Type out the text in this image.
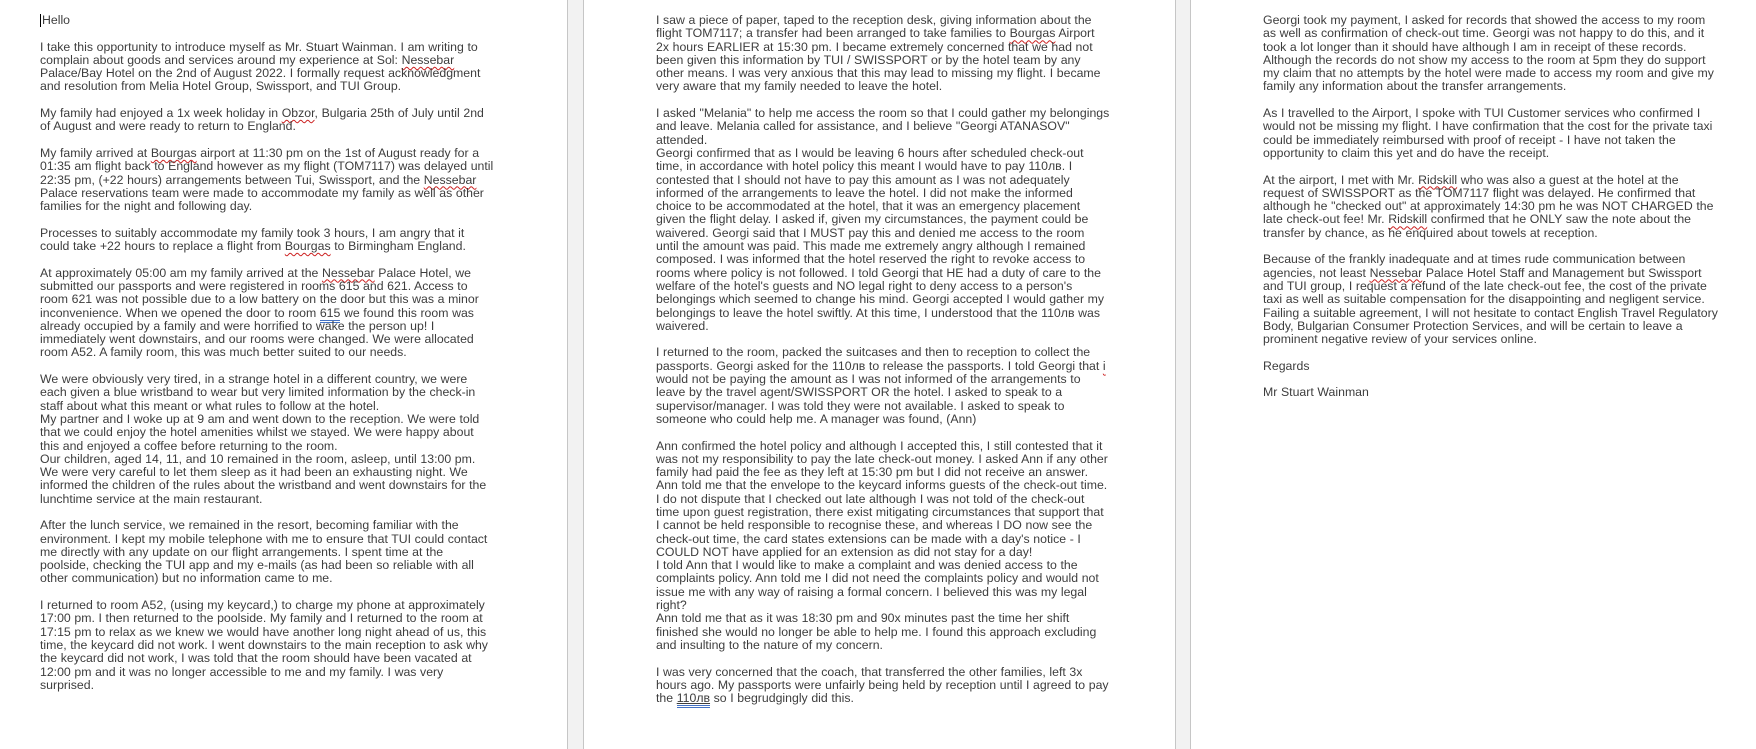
Hello

I take this opportunity to introduce myself as Mr. Stuart Wainman. I am writing to complain about goods and services around my experience at Sol: Nessebar Palace/Bay Hotel on the 2nd of August 2022. I formally request acknowledgment and resolution from Melia Hotel Group, Swissport, and TUI Group.

My family had enjoyed a 1x week holiday in Obzor, Bulgaria 25th of July until 2nd of August and were ready to return to England.

My family arrived at Bourgas airport at 11:30 pm on the 1st of August ready for a 01:35 am flight back to England however as my flight (TOM7117) was delayed until 22:35 pm, (+22 hours) arrangements between Tui, Swissport, and the Nessebar Palace reservations team were made to accommodate my family as well as other families for the night and following day.

Processes to suitably accommodate my family took 3 hours, I am angry that it could take +22 hours to replace a flight from Bourgas to Birmingham England.

At approximately 05:00 am my family arrived at the Nessebar Palace Hotel, we submitted our passports and were registered in rooms 615 and 621. Access to room 621 was not possible due to a low battery on the door but this was a minor inconvenience. When we opened the door to room 615 we found this room was already occupied by a family and were horrified to wake the person up! I immediately went downstairs, and our rooms were changed. We were allocated room A52. A family room, this was much better suited to our needs.

We were obviously very tired, in a strange hotel in a different country, we were each given a blue wristband to wear but very limited information by the check-in staff about what this meant or what rules to follow at the hotel.
My partner and I woke up at 9 am and went down to the reception. We were told that we could enjoy the hotel amenities whilst we stayed. We were happy about this and enjoyed a coffee before returning to the room.
Our children, aged 14, 11, and 10 remained in the room, asleep, until 13:00 pm. We were very careful to let them sleep as it had been an exhausting night. We informed the children of the rules about the wristband and went downstairs for the lunchtime service at the main restaurant.

After the lunch service, we remained in the resort, becoming familiar with the environment. I kept my mobile telephone with me to ensure that TUI could contact me directly with any update on our flight arrangements. I spent time at the poolside, checking the TUI app and my e-mails (as had been so reliable with all other communication) but no information came to me.

I returned to room A52, (using my keycard,) to charge my phone at approximately 17:00 pm. I then returned to the poolside. My family and I returned to the room at 17:15 pm to relax as we knew we would have another long night ahead of us, this time, the keycard did not work. I went downstairs to the main reception to ask why the keycard did not work, I was told that the room should have been vacated at 12:00 pm and it was no longer accessible to me and my family. I was very surprised.

I saw a piece of paper, taped to the reception desk, giving information about the flight TOM7117; a transfer had been arranged to take families to Bourgas Airport 2x hours EARLIER at 15:30 pm. I became extremely concerned that we had not been given this information by TUI / SWISSPORT or by the hotel team by any other means. I was very anxious that this may lead to missing my flight. I became very aware that my family needed to leave the hotel.

I asked "Melania" to help me access the room so that I could gather my belongings and leave. Melania called for assistance, and I believe "Georgi ATANASOV" attended.
Georgi confirmed that as I would be leaving 6 hours after scheduled check-out time, in accordance with hotel policy this meant I would have to pay 110лв. I contested that I should not have to pay this amount as I was not adequately informed of the arrangements to leave the hotel. I did not make the informed choice to be accommodated at the hotel, that it was an emergency placement given the flight delay. I asked if, given my circumstances, the payment could be waivered. Georgi said that I MUST pay this and denied me access to the room until the amount was paid. This made me extremely angry although I remained composed. I was informed that the hotel reserved the right to revoke access to rooms where policy is not followed. I told Georgi that HE had a duty of care to the welfare of the hotel's guests and NO legal right to deny access to a person's belongings which seemed to change his mind. Georgi accepted I would gather my belongings to leave the hotel swiftly. At this time, I understood that the 110лв was waivered.

I returned to the room, packed the suitcases and then to reception to collect the passports. Georgi asked for the 110лв to release the passports. I told Georgi that i would not be paying the amount as I was not informed of the arrangements to leave by the travel agent/SWISSPORT OR the hotel. I asked to speak to a supervisor/manager. I was told they were not available. I asked to speak to someone who could help me. A manager was found, (Ann)

Ann confirmed the hotel policy and although I accepted this, I still contested that it was not my responsibility to pay the late check-out money. I asked Ann if any other family had paid the fee as they left at 15:30 pm but I did not receive an answer.
Ann told me that the envelope to the keycard informs guests of the check-out time. I do not dispute that I checked out late although I was not told of the check-out time upon guest registration, there exist mitigating circumstances that support that I cannot be held responsible to recognise these, and whereas I DO now see the check-out time, the card states extensions can be made with a day's notice - I COULD NOT have applied for an extension as did not stay for a day!
I told Ann that I would like to make a complaint and was denied access to the complaints policy. Ann told me I did not need the complaints policy and would not issue me with any way of raising a formal concern. I believed this was my legal right?
Ann told me that as it was 18:30 pm and 90x minutes past the time her shift finished she would no longer be able to help me. I found this approach excluding and insulting to the nature of my concern.

I was very concerned that the coach, that transferred the other families, left 3x hours ago. My passports were unfairly being held by reception until I agreed to pay the 110лв so I begrudgingly did this.

Georgi took my payment, I asked for records that showed the access to my room as well as confirmation of check-out time. Georgi was not happy to do this, and it took a lot longer than it should have although I am in receipt of these records. Although the records do not show my access to the room at 5pm they do support my claim that no attempts by the hotel were made to access my room and give my family any information about the transfer arrangements.

As I travelled to the Airport, I spoke with TUI Customer services who confirmed I would not be missing my flight. I have confirmation that the cost for the private taxi could be immediately reimbursed with proof of receipt - I have not taken the opportunity to claim this yet and do have the receipt.

At the airport, I met with Mr. Ridskill who was also a guest at the hotel at the request of SWISSPORT as the TOM7117 flight was delayed. He confirmed that although he "checked out" at approximately 14:30 pm he was NOT CHARGED the late check-out fee! Mr. Ridskill confirmed that he ONLY saw the note about the transfer by chance, as he enquired about towels at reception.

Because of the frankly inadequate and at times rude communication between agencies, not least Nessebar Palace Hotel Staff and Management but Swissport and TUI group, I request a refund of the late check-out fee, the cost of the private taxi as well as suitable compensation for the disappointing and negligent service.
Failing a suitable agreement, I will not hesitate to contact English Travel Regulatory Body, Bulgarian Consumer Protection Services, and will be certain to leave a prominent negative review of your services online.

Regards

Mr Stuart Wainman
